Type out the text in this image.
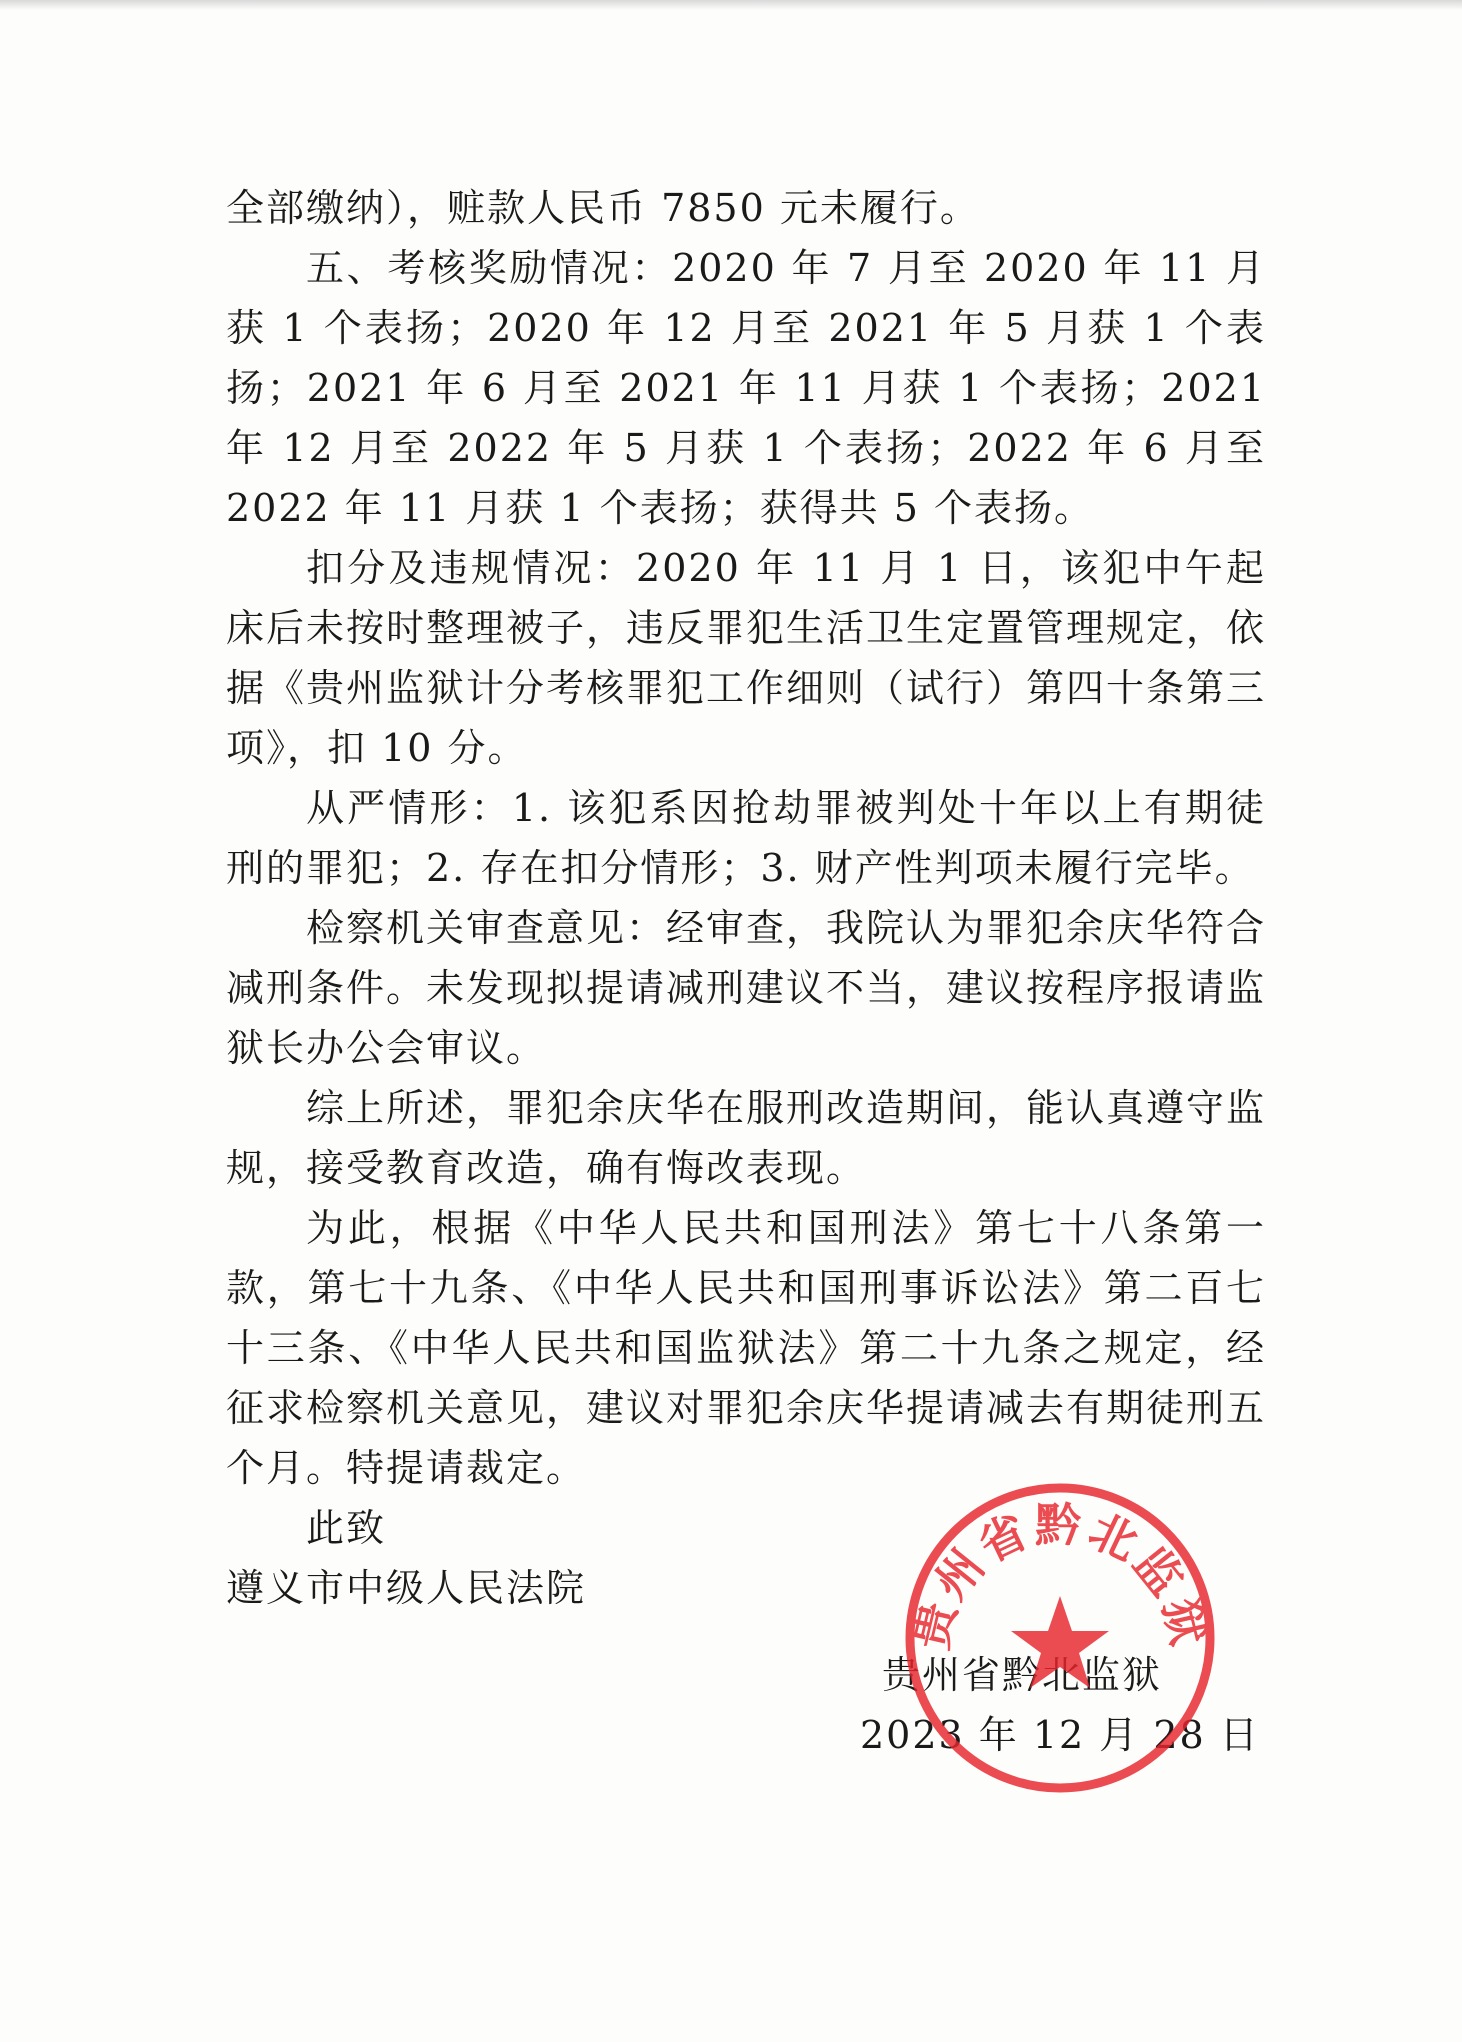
全部缴纳），赃款人民币 7850 元未履行。

五、考核奖励情况：2020 年 7 月至 2020 年 11 月获 1 个表扬；2020 年 12 月至 2021 年 5 月获 1 个表扬；2021 年 6 月至 2021 年 11 月获 1 个表扬；2021 年 12 月至 2022 年 5 月获 1 个表扬；2022 年 6 月至 2022 年 11 月获 1 个表扬；获得共 5 个表扬。

扣分及违规情况：2020 年 11 月 1 日，该犯中午起床后未按时整理被子，违反罪犯生活卫生定置管理规定，依据《贵州监狱计分考核罪犯工作细则（试行）第四十条第三项》，扣 10 分。

从严情形：1. 该犯系因抢劫罪被判处十年以上有期徒刑的罪犯；2. 存在扣分情形；3. 财产性判项未履行完毕。

检察机关审查意见：经审查，我院认为罪犯余庆华符合减刑条件。未发现拟提请减刑建议不当，建议按程序报请监狱长办公会审议。

综上所述，罪犯余庆华在服刑改造期间，能认真遵守监规，接受教育改造，确有悔改表现。

为此，根据《中华人民共和国刑法》第七十八条第一款，第七十九条、《中华人民共和国刑事诉讼法》第二百七十三条、《中华人民共和国监狱法》第二十九条之规定，经征求检察机关意见，建议对罪犯余庆华提请减去有期徒刑五个月。特提请裁定。

此致

遵义市中级人民法院

贵州省黔北监狱
2023 年 12 月 28 日
贵州省黔北监狱
